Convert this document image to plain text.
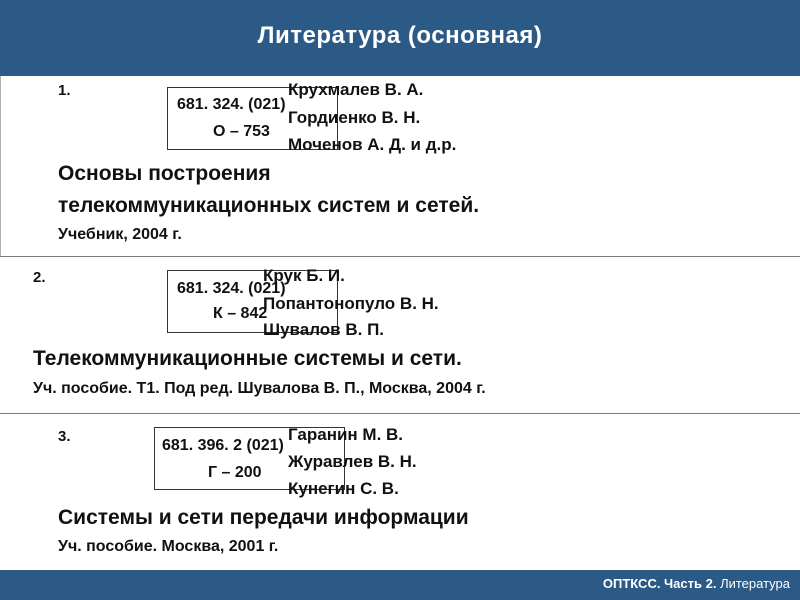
Литература (основная)
1.
681. 324. (021)
О – 753
Крухмалев В. А.
Гордиенко В. Н.
Моченов А. Д. и д.р.
Основы построения
телекоммуникационных систем и сетей.
Учебник, 2004 г.
2.
681. 324. (021)
К – 842
Крук Б. И.
Попантонопуло В. Н.
Шувалов В. П.
Телекоммуникационные системы и сети.
Уч. пособие. Т1. Под ред. Шувалова В. П., Москва, 2004 г.
3.
681. 396. 2 (021)
Г – 200
Гаранин М. В.
Журавлев В. Н.
Кунегин С. В.
Системы и сети передачи информации
Уч. пособие. Москва, 2001 г.
ОПТКСС. Часть 2. Литература
